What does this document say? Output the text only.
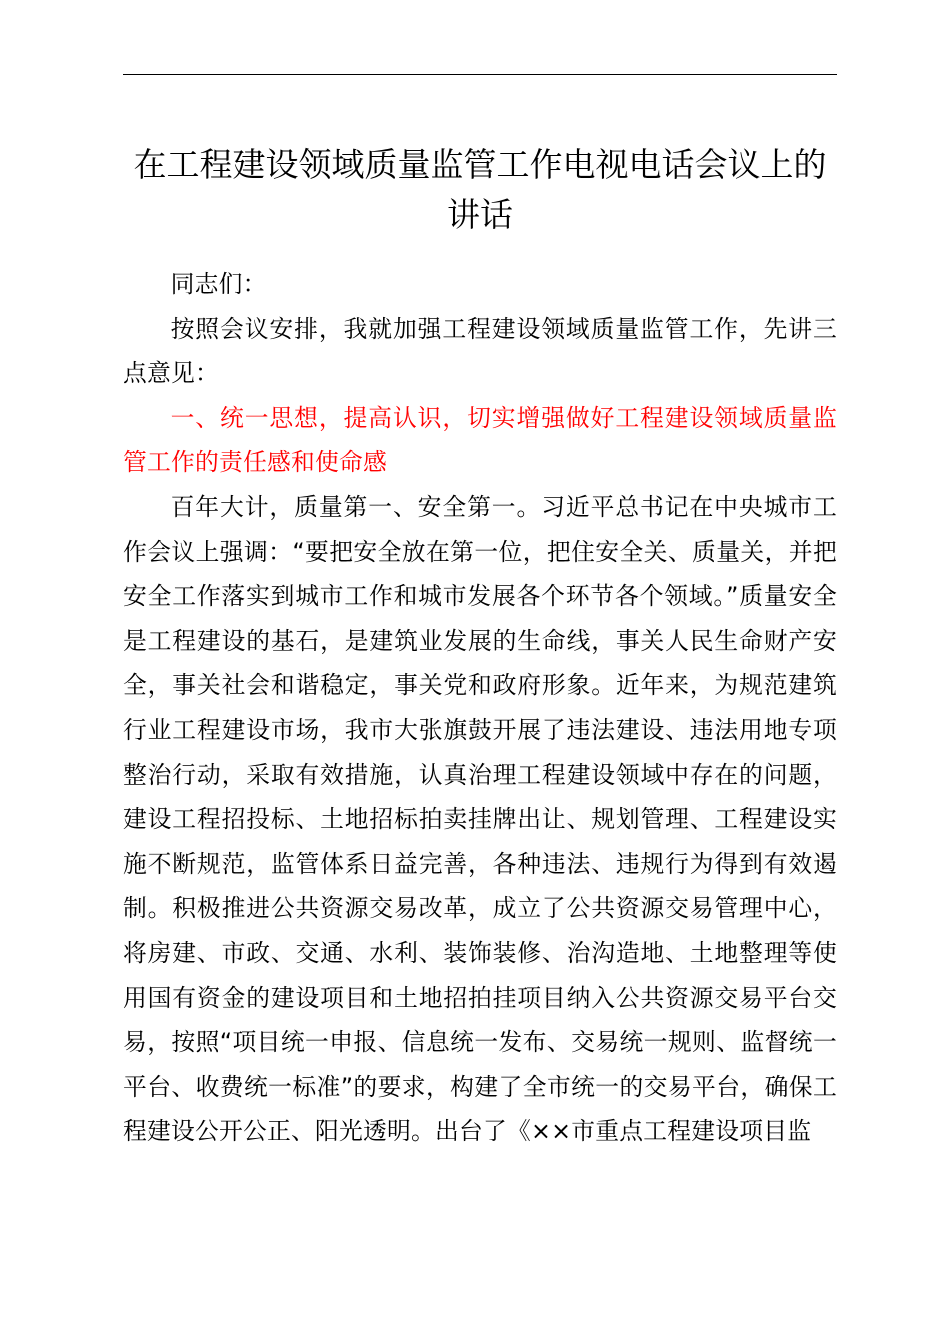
在工程建设领域质量监管工作电视电话会议上的讲话

同志们：

按照会议安排，我就加强工程建设领域质量监管工作，先讲三点意见：

一、统一思想，提高认识，切实增强做好工程建设领域质量监管工作的责任感和使命感

百年大计，质量第一、安全第一。习近平总书记在中央城市工作会议上强调：“要把安全放在第一位，把住安全关、质量关，并把安全工作落实到城市工作和城市发展各个环节各个领域。”质量安全是工程建设的基石，是建筑业发展的生命线，事关人民生命财产安全，事关社会和谐稳定，事关党和政府形象。近年来，为规范建筑行业工程建设市场，我市大张旗鼓开展了违法建设、违法用地专项整治行动，采取有效措施，认真治理工程建设领域中存在的问题，建设工程招投标、土地招标拍卖挂牌出让、规划管理、工程建设实施不断规范，监管体系日益完善，各种违法、违规行为得到有效遏制。积极推进公共资源交易改革，成立了公共资源交易管理中心，将房建、市政、交通、水利、装饰装修、治沟造地、土地整理等使用国有资金的建设项目和土地招拍挂项目纳入公共资源交易平台交易，按照“项目统一申报、信息统一发布、交易统一规则、监督统一平台、收费统一标准”的要求，构建了全市统一的交易平台，确保工程建设公开公正、阳光透明。出台了《××市重点工程建设项目监
